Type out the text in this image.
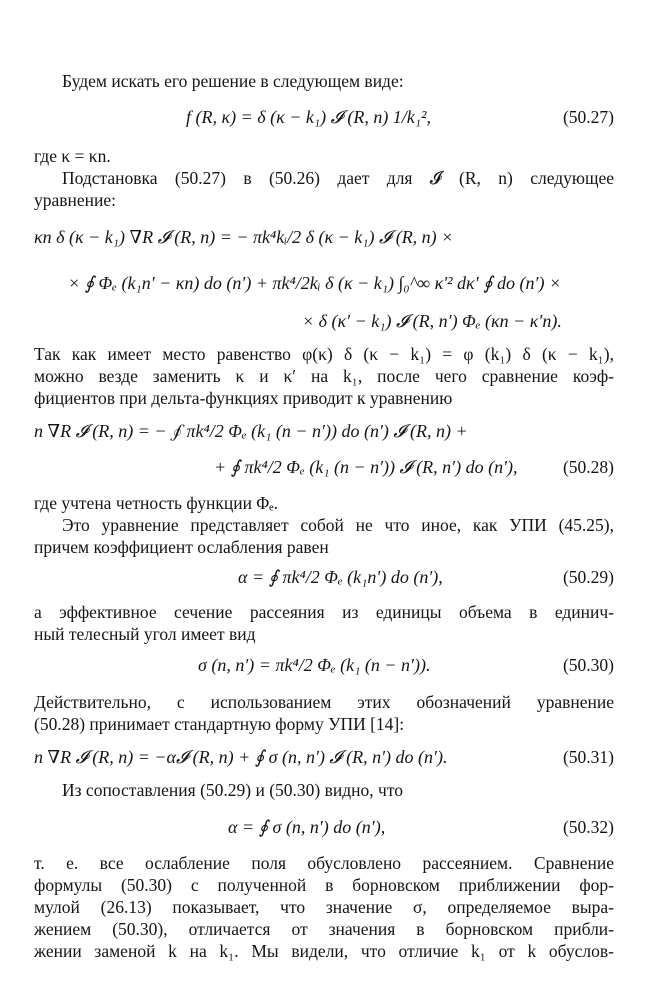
Будем искать его решение в следующем виде:
f (R, κ) = δ (κ − k₁) 𝓘 (R, n) 1/k₁²,	(50.27)
где κ = κn.
Подстановка (50.27) в (50.26) дает для 𝓘 (R, n) следующее
уравнение:
κn δ (κ − k₁) ∇R 𝓘 (R, n) = − πk⁴kᵢ/2 δ (κ − k₁) 𝓘 (R, n) ×
× ∮ Φₑ (k₁n′ − κn) do (n′) + πk⁴/2kᵢ δ (κ − k₁) ∫₀^∞ κ′² dκ′ ∮ do (n′) ×
× δ (κ′ − k₁) 𝓘 (R, n′) Φₑ (κn − κ′n).
Так как имеет место равенство φ(κ) δ (κ − k₁) = φ (k₁) δ (κ − k₁),
можно везде заменить κ и κ′ на k₁, после чего сравнение коэф-
фициентов при дельта-функциях приводит к уравнению
n ∇R 𝓘 (R, n) = − ∮ πk⁴/2 Φₑ (k₁ (n − n′)) do (n′) 𝓘 (R, n) +
+ ∮ πk⁴/2 Φₑ (k₁ (n − n′)) 𝓘 (R, n′) do (n′),	(50.28)
где учтена четность функции Φₑ.
Это уравнение представляет собой не что иное, как УПИ (45.25),
причем коэффициент ослабления равен
α = ∮ πk⁴/2 Φₑ (k₁n′) do (n′),	(50.29)
а эффективное сечение рассеяния из единицы объема в единич-
ный телесный угол имеет вид
σ (n, n′) = πk⁴/2 Φₑ (k₁ (n − n′)).	(50.30)
Действительно, с использованием этих обозначений уравнение
(50.28) принимает стандартную форму УПИ [14]:
n ∇R 𝓘 (R, n) = −α𝓘 (R, n) + ∮ σ (n, n′) 𝓘 (R, n′) do (n′).	(50.31)
Из сопоставления (50.29) и (50.30) видно, что
α = ∮ σ (n, n′) do (n′),	(50.32)
т. е. все ослабление поля обусловлено рассеянием. Сравнение
формулы (50.30) с полученной в борновском приближении фор-
мулой (26.13) показывает, что значение σ, определяемое выра-
жением (50.30), отличается от значения в борновском прибли-
жении заменой k на k₁. Мы видели, что отличие k₁ от k обуслов-
